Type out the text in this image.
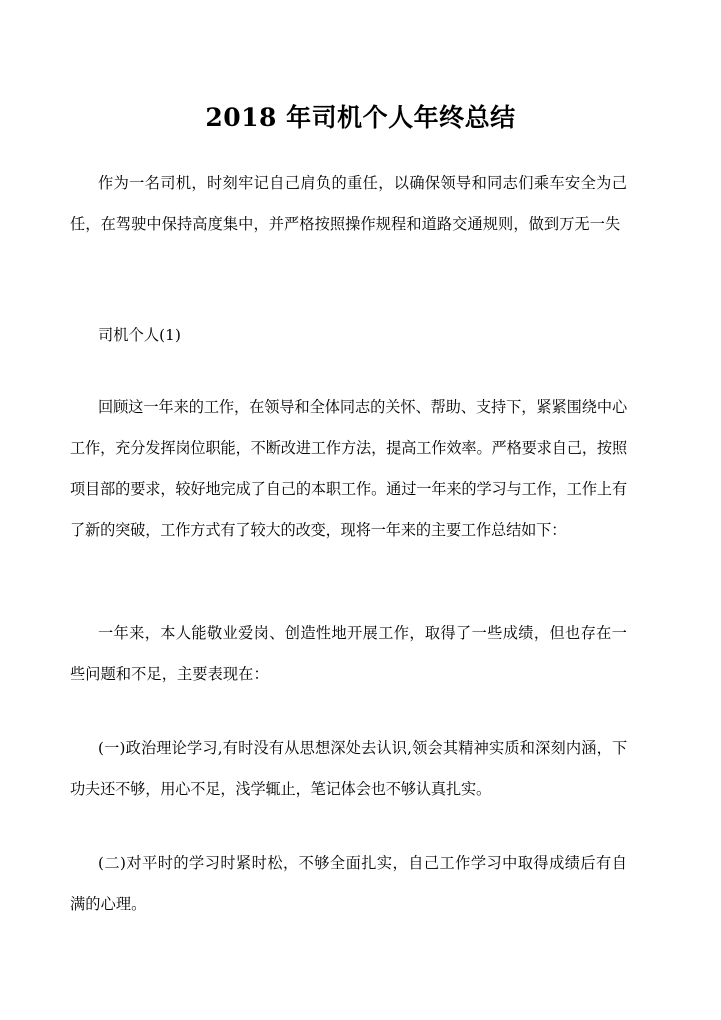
2018 年司机个人年终总结

作为一名司机，时刻牢记自己肩负的重任，以确保领导和同志们乘车安全为己任，在驾驶中保持高度集中，并严格按照操作规程和道路交通规则，做到万无一失

司机个人(1)

回顾这一年来的工作，在领导和全体同志的关怀、帮助、支持下，紧紧围绕中心工作，充分发挥岗位职能，不断改进工作方法，提高工作效率。严格要求自己，按照项目部的要求，较好地完成了自己的本职工作。通过一年来的学习与工作，工作上有了新的突破，工作方式有了较大的改变，现将一年来的主要工作总结如下：

一年来，本人能敬业爱岗、创造性地开展工作，取得了一些成绩，但也存在一些问题和不足，主要表现在：

(一)政治理论学习,有时没有从思想深处去认识,领会其精神实质和深刻内涵，下功夫还不够，用心不足，浅学辄止，笔记体会也不够认真扎实。

(二)对平时的学习时紧时松，不够全面扎实，自己工作学习中取得成绩后有自满的心理。
